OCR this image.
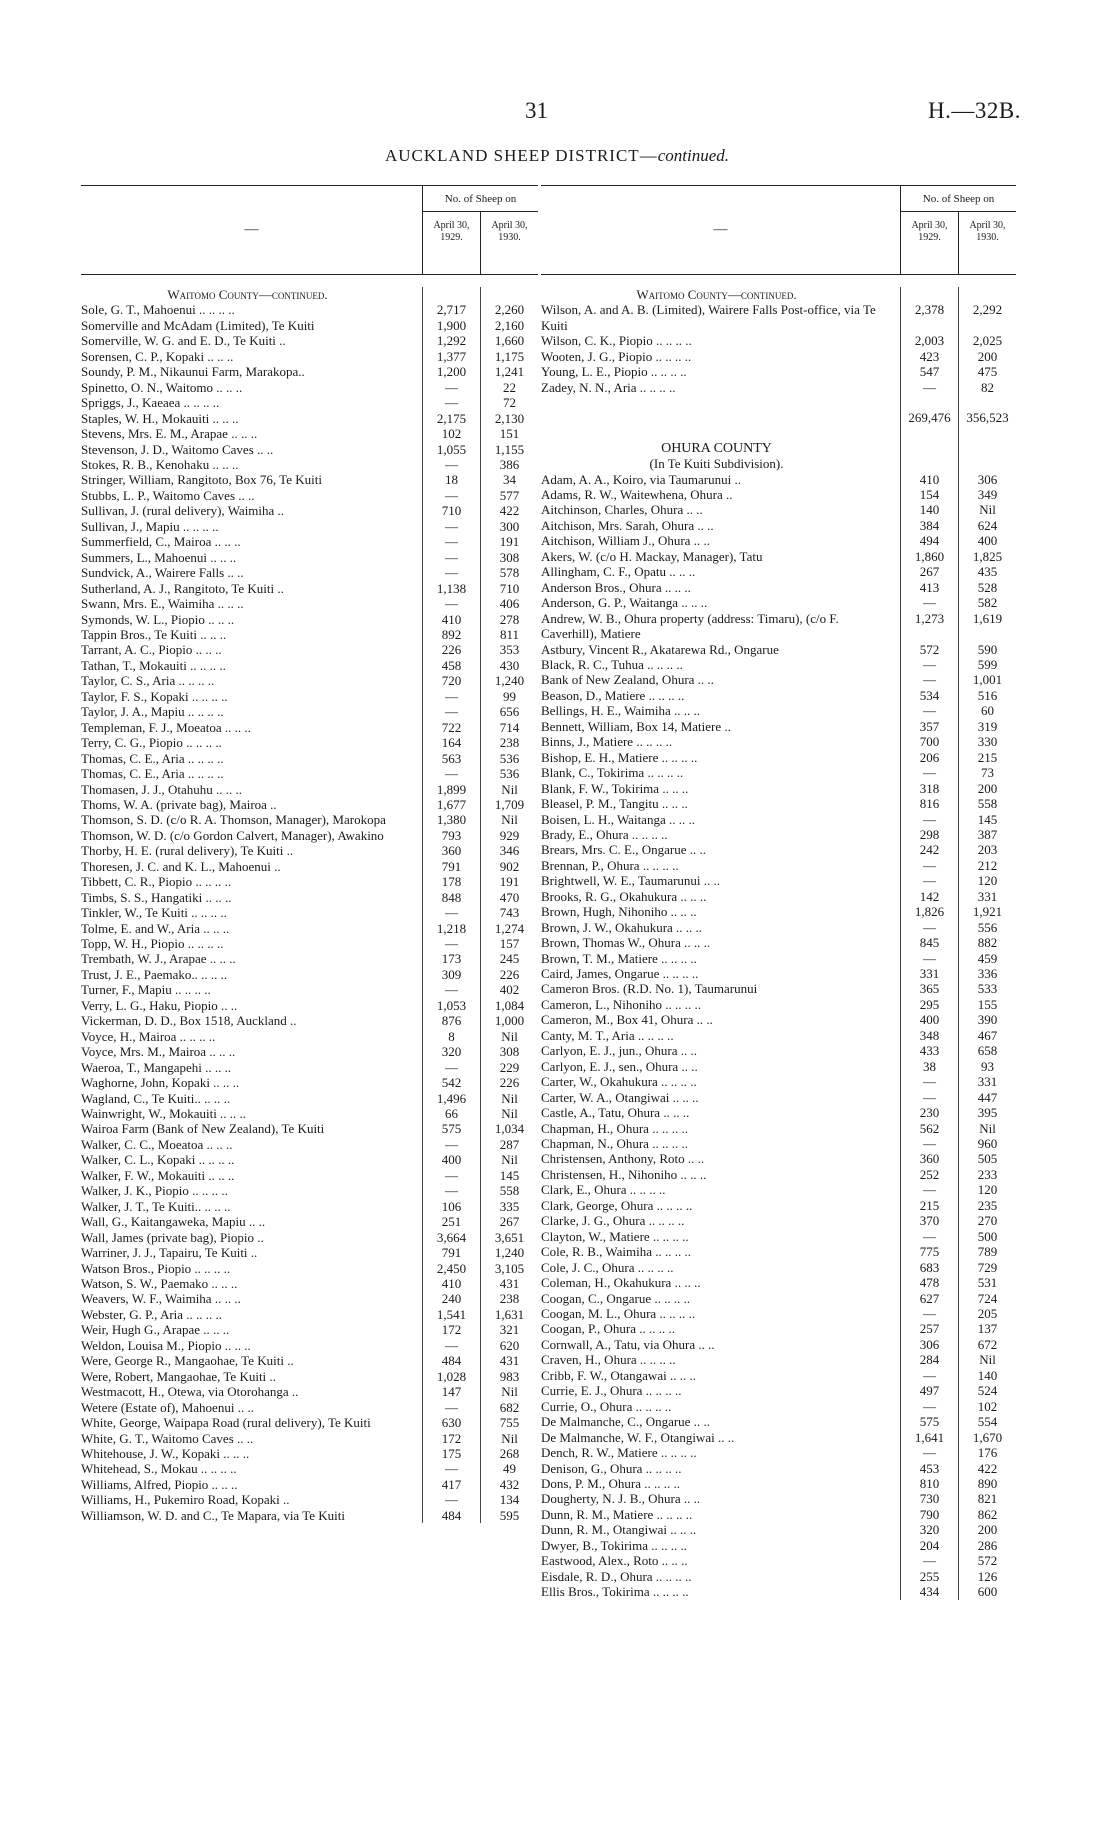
31	H.—32B.
AUCKLAND SHEEP DISTRICT—continued.
—
No. of Sheep on
April 30, 1929.
April 30, 1930.
Waitomo County—continued.
Sole, G. T., Mahoenui .. .. .. ..	2,717	2,260
Somerville and McAdam (Limited), Te Kuiti	1,900	2,160
Somerville, W. G. and E. D., Te Kuiti ..	1,292	1,660
Sorensen, C. P., Kopaki .. .. ..	1,377	1,175
Soundy, P. M., Nikaunui Farm, Marakopa..	1,200	1,241
Spinetto, O. N., Waitomo .. .. ..	—	22
Spriggs, J., Kaeaea .. .. .. ..	—	72
Staples, W. H., Mokauiti .. .. ..	2,175	2,130
Stevens, Mrs. E. M., Arapae .. .. ..	102	151
Stevenson, J. D., Waitomo Caves .. ..	1,055	1,155
Stokes, R. B., Kenohaku .. .. ..	—	386
Stringer, William, Rangitoto, Box 76, Te Kuiti	18	34
Stubbs, L. P., Waitomo Caves .. ..	—	577
Sullivan, J. (rural delivery), Waimiha ..	710	422
Sullivan, J., Mapiu .. .. .. ..	—	300
Summerfield, C., Mairoa .. .. ..	—	191
Summers, L., Mahoenui .. .. ..	—	308
Sundvick, A., Wairere Falls .. ..	—	578
Sutherland, A. J., Rangitoto, Te Kuiti ..	1,138	710
Swann, Mrs. E., Waimiha .. .. ..	—	406
Symonds, W. L., Piopio .. .. ..	410	278
Tappin Bros., Te Kuiti .. .. ..	892	811
Tarrant, A. C., Piopio .. .. ..	226	353
Tathan, T., Mokauiti .. .. .. ..	458	430
Taylor, C. S., Aria .. .. .. ..	720	1,240
Taylor, F. S., Kopaki .. .. .. ..	—	99
Taylor, J. A., Mapiu .. .. .. ..	—	656
Templeman, F. J., Moeatoa .. .. ..	722	714
Terry, C. G., Piopio .. .. .. ..	164	238
Thomas, C. E., Aria .. .. .. ..	563	536
Thomas, C. E., Aria .. .. .. ..	—	536
Thomasen, J. J., Otahuhu .. .. ..	1,899	Nil
Thoms, W. A. (private bag), Mairoa ..	1,677	1,709
Thomson, S. D. (c/o R. A. Thomson, Manager), Marokopa	1,380	Nil
Thomson, W. D. (c/o Gordon Calvert, Manager), Awakino	793	929
Thorby, H. E. (rural delivery), Te Kuiti ..	360	346
Thoresen, J. C. and K. L., Mahoenui ..	791	902
Tibbett, C. R., Piopio .. .. .. ..	178	191
Timbs, S. S., Hangatiki .. .. ..	848	470
Tinkler, W., Te Kuiti .. .. .. ..	—	743
Tolme, E. and W., Aria .. .. ..	1,218	1,274
Topp, W. H., Piopio .. .. .. ..	—	157
Trembath, W. J., Arapae .. .. ..	173	245
Trust, J. E., Paemako.. .. .. ..	309	226
Turner, F., Mapiu .. .. .. ..	—	402
Verry, L. G., Haku, Piopio .. ..	1,053	1,084
Vickerman, D. D., Box 1518, Auckland ..	876	1,000
Voyce, H., Mairoa .. .. .. ..	8	Nil
Voyce, Mrs. M., Mairoa .. .. ..	320	308
Waeroa, T., Mangapehi .. .. ..	—	229
Waghorne, John, Kopaki .. .. ..	542	226
Wagland, C., Te Kuiti.. .. .. ..	1,496	Nil
Wainwright, W., Mokauiti .. .. ..	66	Nil
Wairoa Farm (Bank of New Zealand), Te Kuiti	575	1,034
Walker, C. C., Moeatoa .. .. ..	—	287
Walker, C. L., Kopaki .. .. .. ..	400	Nil
Walker, F. W., Mokauiti .. .. ..	—	145
Walker, J. K., Piopio .. .. .. ..	—	558
Walker, J. T., Te Kuiti.. .. .. ..	106	335
Wall, G., Kaitangaweka, Mapiu .. ..	251	267
Wall, James (private bag), Piopio ..	3,664	3,651
Warriner, J. J., Tapairu, Te Kuiti ..	791	1,240
Watson Bros., Piopio .. .. .. ..	2,450	3,105
Watson, S. W., Paemako .. .. ..	410	431
Weavers, W. F., Waimiha .. .. ..	240	238
Webster, G. P., Aria .. .. .. ..	1,541	1,631
Weir, Hugh G., Arapae .. .. ..	172	321
Weldon, Louisa M., Piopio .. .. ..	—	620
Were, George R., Mangaohae, Te Kuiti ..	484	431
Were, Robert, Mangaohae, Te Kuiti ..	1,028	983
Westmacott, H., Otewa, via Otorohanga ..	147	Nil
Wetere (Estate of), Mahoenui .. ..	—	682
White, George, Waipapa Road (rural delivery), Te Kuiti	630	755
White, G. T., Waitomo Caves .. ..	172	Nil
Whitehouse, J. W., Kopaki .. .. ..	175	268
Whitehead, S., Mokau .. .. .. ..	—	49
Williams, Alfred, Piopio .. .. ..	417	432
Williams, H., Pukemiro Road, Kopaki ..	—	134
Williamson, W. D. and C., Te Mapara, via Te Kuiti	484	595
—
No. of Sheep on
April 30, 1929.
April 30, 1930.
Waitomo County—continued.
Wilson, A. and A. B. (Limited), Wairere Falls Post-office, via Te Kuiti
2,378	2,292
Wilson, C. K., Piopio .. .. .. ..	2,003	2,025
Wooten, J. G., Piopio .. .. .. ..	423	200
Young, L. E., Piopio .. .. .. ..	547	475
Zadey, N. N., Aria .. .. .. ..	—	82
269,476	356,523
OHURA COUNTY
(In Te Kuiti Subdivision).
Adam, A. A., Koiro, via Taumarunui ..	410	306
Adams, R. W., Waitewhena, Ohura ..	154	349
Aitchinson, Charles, Ohura .. ..	140	Nil
Aitchison, Mrs. Sarah, Ohura .. ..	384	624
Aitchison, William J., Ohura .. ..	494	400
Akers, W. (c/o H. Mackay, Manager), Tatu	1,860	1,825
Allingham, C. F., Opatu .. .. ..	267	435
Anderson Bros., Ohura .. .. ..	413	528
Anderson, G. P., Waitanga .. .. ..	—	582
Andrew, W. B., Ohura property (address: Timaru), (c/o F. Caverhill), Matiere
1,273	1,619
Astbury, Vincent R., Akatarewa Rd., Ongarue	572	590
Black, R. C., Tuhua .. .. .. ..	—	599
Bank of New Zealand, Ohura .. ..	—	1,001
Beason, D., Matiere .. .. .. ..	534	516
Bellings, H. E., Waimiha .. .. ..	—	60
Bennett, William, Box 14, Matiere ..	357	319
Binns, J., Matiere .. .. .. ..	700	330
Bishop, E. H., Matiere .. .. .. ..	206	215
Blank, C., Tokirima .. .. .. ..	—	73
Blank, F. W., Tokirima .. .. ..	318	200
Bleasel, P. M., Tangitu .. .. ..	816	558
Boisen, L. H., Waitanga .. .. ..	—	145
Brady, E., Ohura .. .. .. ..	298	387
Brears, Mrs. C. E., Ongarue .. ..	242	203
Brennan, P., Ohura .. .. .. ..	—	212
Brightwell, W. E., Taumarunui .. ..	—	120
Brooks, R. G., Okahukura .. .. ..	142	331
Brown, Hugh, Nihoniho .. .. ..	1,826	1,921
Brown, J. W., Okahukura .. .. ..	—	556
Brown, Thomas W., Ohura .. .. ..	845	882
Brown, T. M., Matiere .. .. .. ..	—	459
Caird, James, Ongarue .. .. .. ..	331	336
Cameron Bros. (R.D. No. 1), Taumarunui	365	533
Cameron, L., Nihoniho .. .. .. ..	295	155
Cameron, M., Box 41, Ohura .. ..	400	390
Canty, M. T., Aria .. .. .. ..	348	467
Carlyon, E. J., jun., Ohura .. ..	433	658
Carlyon, E. J., sen., Ohura .. ..	38	93
Carter, W., Okahukura .. .. .. ..	—	331
Carter, W. A., Otangiwai .. .. ..	—	447
Castle, A., Tatu, Ohura .. .. ..	230	395
Chapman, H., Ohura .. .. .. ..	562	Nil
Chapman, N., Ohura .. .. .. ..	—	960
Christensen, Anthony, Roto .. ..	360	505
Christensen, H., Nihoniho .. .. ..	252	233
Clark, E., Ohura .. .. .. ..	—	120
Clark, George, Ohura .. .. .. ..	215	235
Clarke, J. G., Ohura .. .. .. ..	370	270
Clayton, W., Matiere .. .. .. ..	—	500
Cole, R. B., Waimiha .. .. .. ..	775	789
Cole, J. C., Ohura .. .. .. ..	683	729
Coleman, H., Okahukura .. .. ..	478	531
Coogan, C., Ongarue .. .. .. ..	627	724
Coogan, M. L., Ohura .. .. .. ..	—	205
Coogan, P., Ohura .. .. .. ..	257	137
Cornwall, A., Tatu, via Ohura .. ..	306	672
Craven, H., Ohura .. .. .. ..	284	Nil
Cribb, F. W., Otangawai .. .. ..	—	140
Currie, E. J., Ohura .. .. .. ..	497	524
Currie, O., Ohura .. .. .. ..	—	102
De Malmanche, C., Ongarue .. ..	575	554
De Malmanche, W. F., Otangiwai .. ..	1,641	1,670
Dench, R. W., Matiere .. .. .. ..	—	176
Denison, G., Ohura .. .. .. ..	453	422
Dons, P. M., Ohura .. .. .. ..	810	890
Dougherty, N. J. B., Ohura .. ..	730	821
Dunn, R. M., Matiere .. .. .. ..	790	862
Dunn, R. M., Otangiwai .. .. ..	320	200
Dwyer, B., Tokirima .. .. .. ..	204	286
Eastwood, Alex., Roto .. .. ..	—	572
Eisdale, R. D., Ohura .. .. .. ..	255	126
Ellis Bros., Tokirima .. .. .. ..	434	600
